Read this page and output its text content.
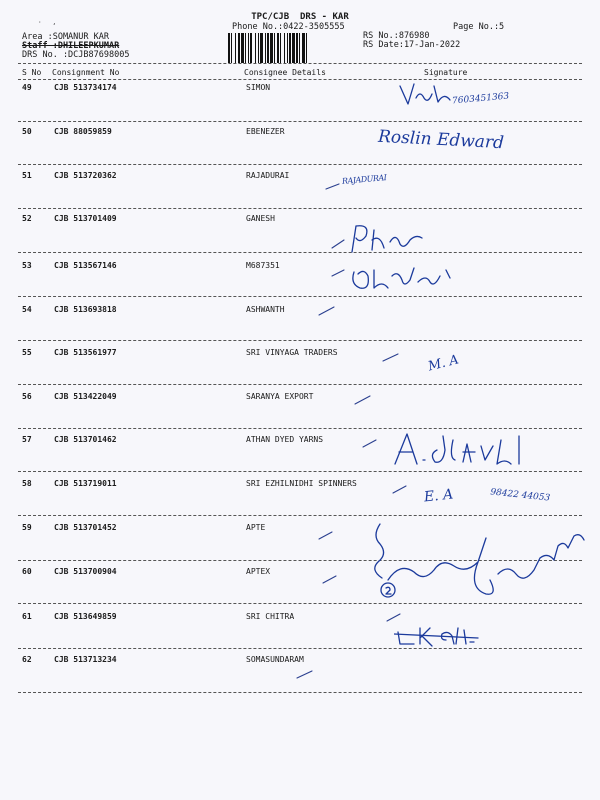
·   ,
TPC/CJB  DRS - KAR
Phone No.:0422-3505555	Page No.:5
Area :SOMANUR KAR
Staff :DHILEEPKUMAR
DRS No. :DCJB87698005
RS No.:876980
RS Date:17-Jan-2022
S No Consignment No	Consignee Details	Signature
49	CJB 513734174	SIMON
50	CJB 88059859	EBENEZER
51	CJB 513720362	RAJADURAI
52	CJB 513701409	GANESH
53	CJB 513567146	M687351
54	CJB 513693818	ASHWANTH
55	CJB 513561977	SRI VINYAGA TRADERS
56	CJB 513422049	SARANYA EXPORT
57	CJB 513701462	ATHAN DYED YARNS
58	CJB 513719011	SRI EZHILNIDHI SPINNERS
59	CJB 513701452	APTE
60	CJB 513700904	APTEX
61	CJB 513649859	SRI CHITRA
62	CJB 513713234	SOMASUNDARAM
7603451363
Roslin Edward
RAJADURAI
M. A
E. A	98422 44053
